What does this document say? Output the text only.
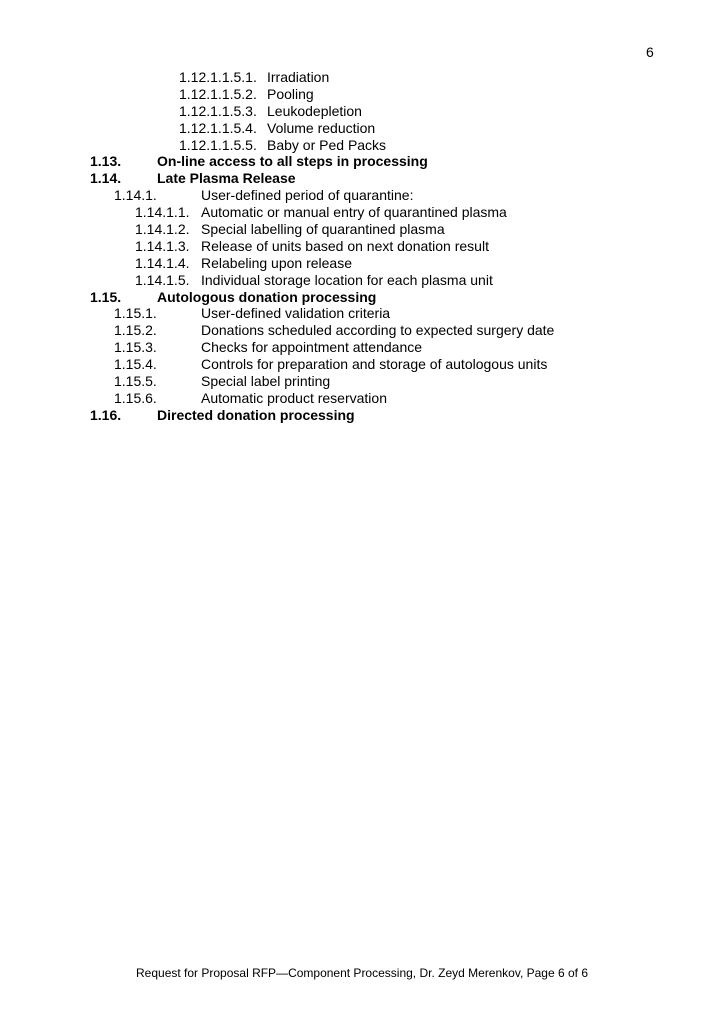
6
1.12.1.1.5.1. Irradiation
1.12.1.1.5.2. Pooling
1.12.1.1.5.3. Leukodepletion
1.12.1.1.5.4. Volume reduction
1.12.1.1.5.5. Baby or Ped Packs
1.13.	On-line access to all steps in processing
1.14.	Late Plasma Release
1.14.1.	User-defined period of quarantine:
1.14.1.1. Automatic or manual entry of quarantined plasma
1.14.1.2. Special labelling of quarantined plasma
1.14.1.3. Release of units based on next donation result
1.14.1.4. Relabeling upon release
1.14.1.5. Individual storage location for each plasma unit
1.15.	Autologous donation processing
1.15.1.	User-defined validation criteria
1.15.2.	Donations scheduled according to expected surgery date
1.15.3.	Checks for appointment attendance
1.15.4.	Controls for preparation and storage of autologous units
1.15.5.	Special label printing
1.15.6.	Automatic product reservation
1.16.	Directed donation processing
Request for Proposal RFP—Component Processing, Dr. Zeyd Merenkov, Page 6 of 6
